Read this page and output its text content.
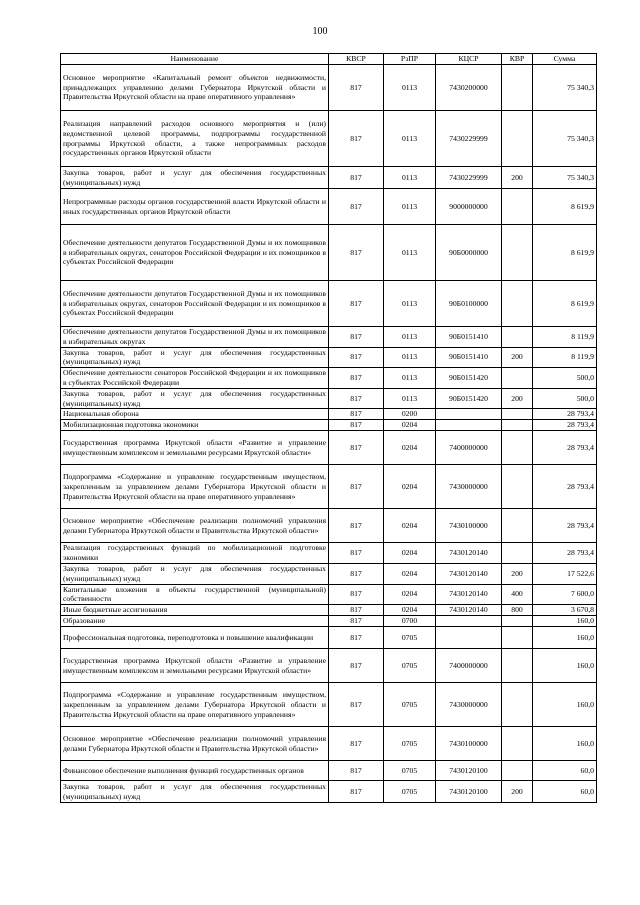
100
Наименование	КВСР	РзПР	КЦСР	КВР	Сумма
Основное мероприятие «Капитальный ремонт объектов недвижимости, принадлежащих управлению делами Губернатора Иркутской области и Правительства Иркутской области на праве оперативного управления»	817	0113	7430200000		75 340,3
Реализация направлений расходов основного мероприятия и (или) ведомственной целевой программы, подпрограммы государственной программы Иркутской области, а также непрограммных расходов государственных органов Иркутской области	817	0113	7430229999		75 340,3
Закупка товаров, работ и услуг для обеспечения государственных (муниципальных) нужд	817	0113	7430229999	200	75 340,3
Непрограммные расходы органов государственной власти Иркутской области и иных государственных органов Иркутской области	817	0113	9000000000		8 619,9
Обеспечение деятельности депутатов Государственной Думы и их помощников в избирательных округах, сенаторов Российской Федерации и их помощников в субъектах Российской Федерации	817	0113	90Б0000000		8 619,9
Обеспечение деятельности депутатов Государственной Думы и их помощников в избирательных округах, сенаторов Российской Федерации и их помощников в субъектах Российской Федерации	817	0113	90Б0100000		8 619,9
Обеспечение деятельности депутатов Государственной Думы и их помощников в избирательных округах	817	0113	90Б0151410		8 119,9
Закупка товаров, работ и услуг для обеспечения государственных (муниципальных) нужд	817	0113	90Б0151410	200	8 119,9
Обеспечение деятельности сенаторов Российской Федерации и их помощников в субъектах Российской Федерации	817	0113	90Б0151420		500,0
Закупка товаров, работ и услуг для обеспечения государственных (муниципальных) нужд	817	0113	90Б0151420	200	500,0
Национальная оборона	817	0200			28 793,4
Мобилизационная подготовка экономики	817	0204			28 793,4
Государственная программа Иркутской области «Развитие и управление имущественным комплексом и земельными ресурсами Иркутской области»	817	0204	7400000000		28 793,4
Подпрограмма «Содержание и управление государственным имуществом, закрепленным за управлением делами Губернатора Иркутской области и Правительства Иркутской области на праве оперативного управления»	817	0204	7430000000		28 793,4
Основное мероприятие «Обеспечение реализации полномочий управления делами Губернатора Иркутской области и Правительства Иркутской области»	817	0204	7430100000		28 793,4
Реализация государственных функций по мобилизационной подготовке экономики	817	0204	7430120140		28 793,4
Закупка товаров, работ и услуг для обеспечения государственных (муниципальных) нужд	817	0204	7430120140	200	17 522,6
Капитальные вложения в объекты государственной (муниципальной) собственности	817	0204	7430120140	400	7 600,0
Иные бюджетные ассигнования	817	0204	7430120140	800	3 670,8
Образование	817	0700			160,0
Профессиональная подготовка, переподготовка и повышение квалификации	817	0705			160,0
Государственная программа Иркутской области «Развитие и управление имущественным комплексом и земельными ресурсами Иркутской области»	817	0705	7400000000		160,0
Подпрограмма «Содержание и управление государственным имуществом, закрепленным за управлением делами Губернатора Иркутской области и Правительства Иркутской области на праве оперативного управления»	817	0705	7430000000		160,0
Основное мероприятие «Обеспечение реализации полномочий управления делами Губернатора Иркутской области и Правительства Иркутской области»	817	0705	7430100000		160,0
Финансовое обеспечение выполнения функций государственных органов	817	0705	7430120100		60,0
Закупка товаров, работ и услуг для обеспечения государственных (муниципальных) нужд	817	0705	7430120100	200	60,0
